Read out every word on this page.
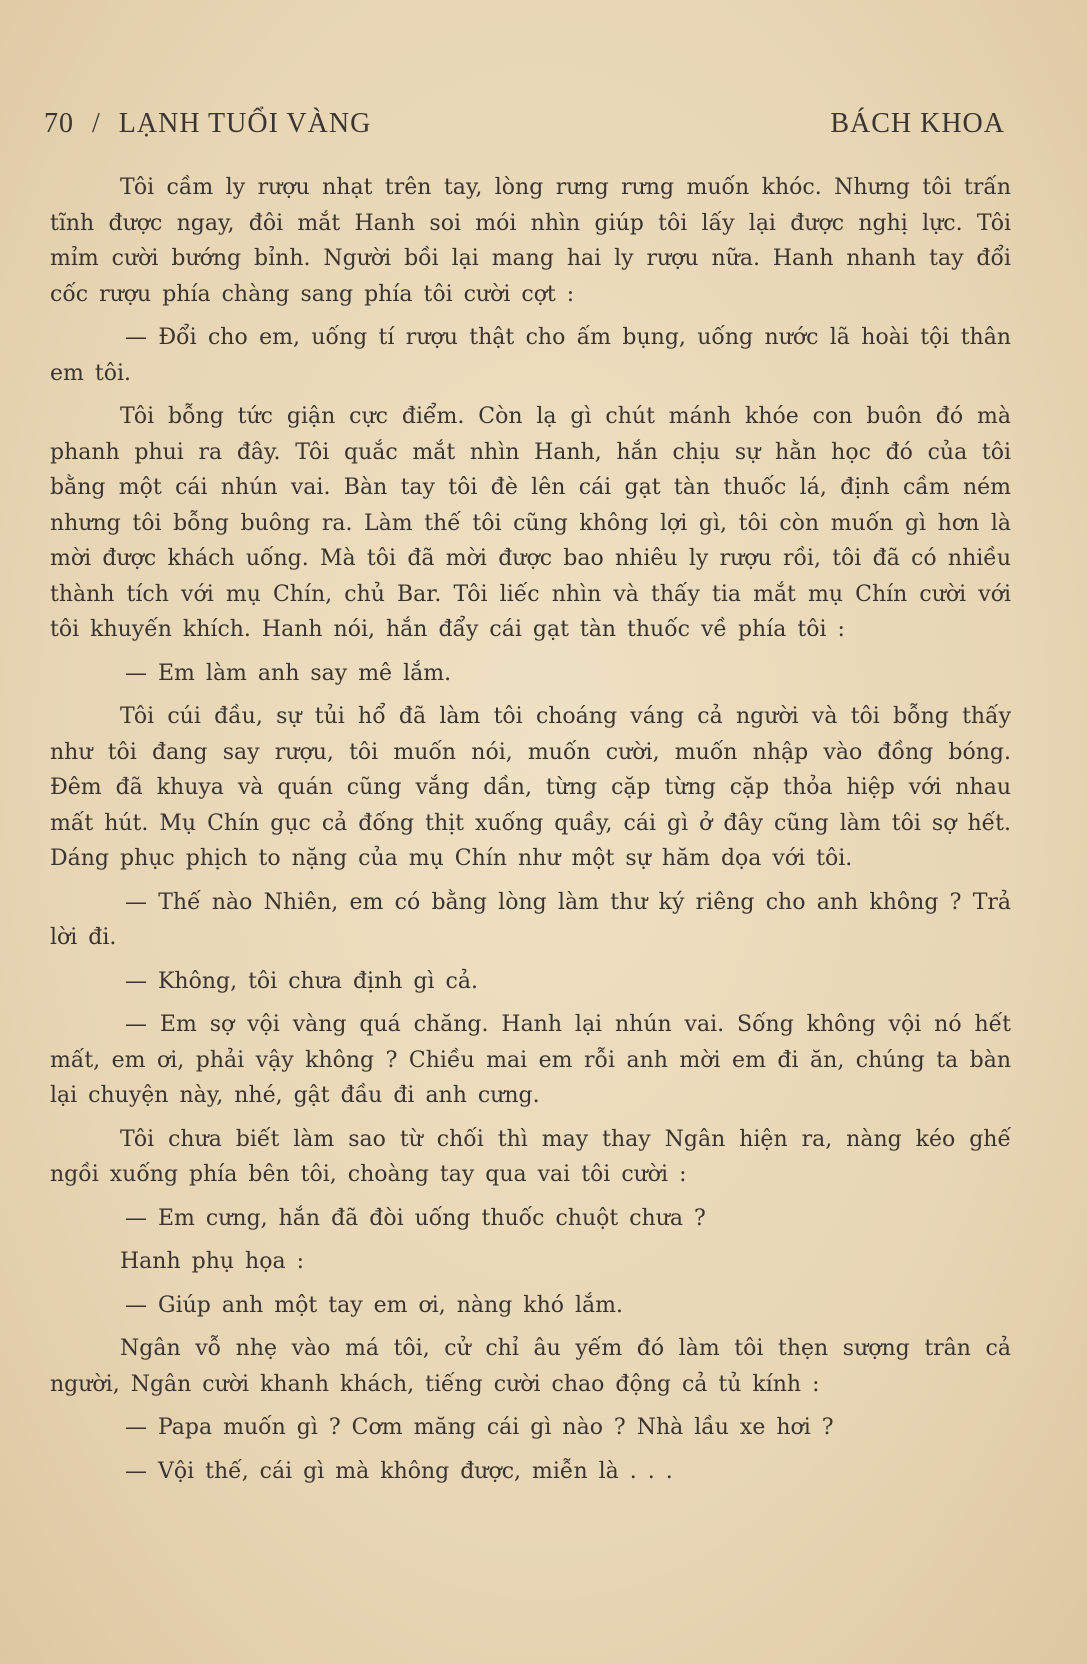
70 / LẠNH TUỔI VÀNG	BÁCH KHOA

Tôi cầm ly rượu nhạt trên tay, lòng rưng rưng muốn khóc. Nhưng tôi trấn tĩnh được ngay, đôi mắt Hanh soi mói nhìn giúp tôi lấy lại được nghị lực. Tôi mỉm cười bướng bỉnh. Người bồi lại mang hai ly rượu nữa. Hanh nhanh tay đổi cốc rượu phía chàng sang phía tôi cười cợt :

— Đổi cho em, uống tí rượu thật cho ấm bụng, uống nước lã hoài tội thân em tôi.

Tôi bỗng tức giận cực điểm. Còn lạ gì chút mánh khóe con buôn đó mà phanh phui ra đây. Tôi quắc mắt nhìn Hanh, hắn chịu sự hằn học đó của tôi bằng một cái nhún vai. Bàn tay tôi đè lên cái gạt tàn thuốc lá, định cầm ném nhưng tôi bỗng buông ra. Làm thế tôi cũng không lợi gì, tôi còn muốn gì hơn là mời được khách uống. Mà tôi đã mời được bao nhiêu ly rượu rồi, tôi đã có nhiều thành tích với mụ Chín, chủ Bar. Tôi liếc nhìn và thấy tia mắt mụ Chín cười với tôi khuyến khích. Hanh nói, hắn đẩy cái gạt tàn thuốc về phía tôi :

— Em làm anh say mê lắm.

Tôi cúi đầu, sự tủi hổ đã làm tôi choáng váng cả người và tôi bỗng thấy như tôi đang say rượu, tôi muốn nói, muốn cười, muốn nhập vào đồng bóng. Đêm đã khuya và quán cũng vắng dần, từng cặp từng cặp thỏa hiệp với nhau mất hút. Mụ Chín gục cả đống thịt xuống quầy, cái gì ở đây cũng làm tôi sợ hết. Dáng phục phịch to nặng của mụ Chín như một sự hăm dọa với tôi.

— Thế nào Nhiên, em có bằng lòng làm thư ký riêng cho anh không ? Trả lời đi.

— Không, tôi chưa định gì cả.

— Em sợ vội vàng quá chăng. Hanh lại nhún vai. Sống không vội nó hết mất, em ơi, phải vậy không ? Chiều mai em rỗi anh mời em đi ăn, chúng ta bàn lại chuyện này, nhé, gật đầu đi anh cưng.

Tôi chưa biết làm sao từ chối thì may thay Ngân hiện ra, nàng kéo ghế ngồi xuống phía bên tôi, choàng tay qua vai tôi cười :

— Em cưng, hắn đã đòi uống thuốc chuột chưa ?

Hanh phụ họa :

— Giúp anh một tay em ơi, nàng khó lắm.

Ngân vỗ nhẹ vào má tôi, cử chỉ âu yếm đó làm tôi thẹn sượng trân cả người, Ngân cười khanh khách, tiếng cười chao động cả tủ kính :

— Papa muốn gì ? Cơm măng cái gì nào ? Nhà lầu xe hơi ?

— Vội thế, cái gì mà không được, miễn là . . .
